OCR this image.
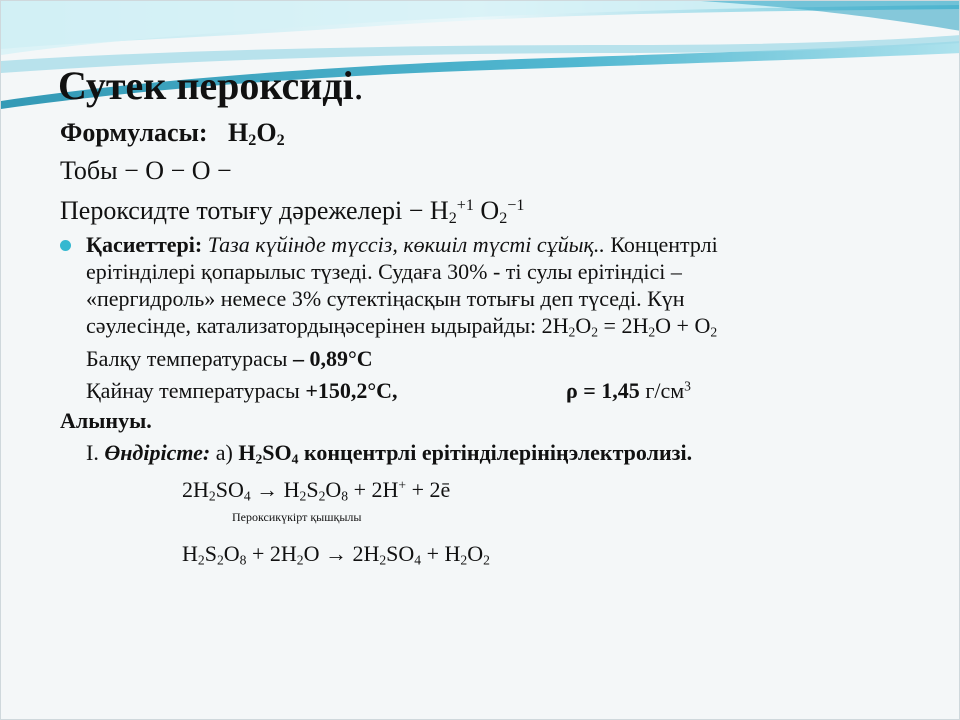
Сутек пероксиді.
Формуласы: $H_2O_2$
Тобы − О − О −
Пероксидте тотығу дәрежелері − $H_2^{+1}$ $O_2^{-1}$
Қасиеттері: Таза күйінде түссіз, көкшіл түсті сұйық.. Концентрлі
ерітінділері қопарылыс түзеді. Судаға 30% - ті сулы ерітіндісі –
«пергидроль» немесе 3% сутектіңасқын тотығы деп түседі. Күн
сәулесінде, катализатордыңәсерінен ыдырайды: $2H_2O_2 = 2H_2O + O_2$
Балқу температурасы – 0,89°С
Қайнау температурасы +150,2°С,	ρ = 1,45 $г/см^3$
Алынуы.
I. Өндірісте: а) $H_2SO_4$ концентрлі ерітінділерініңэлектролизі.
$2H_2SO_4 \to H_2S_2O_8 + 2H^+$ + 2ē
Пероксикүкірт қышқылы
$H_2S_2O_8 + 2H_2O \to 2H_2SO_4 + H_2O_2$
